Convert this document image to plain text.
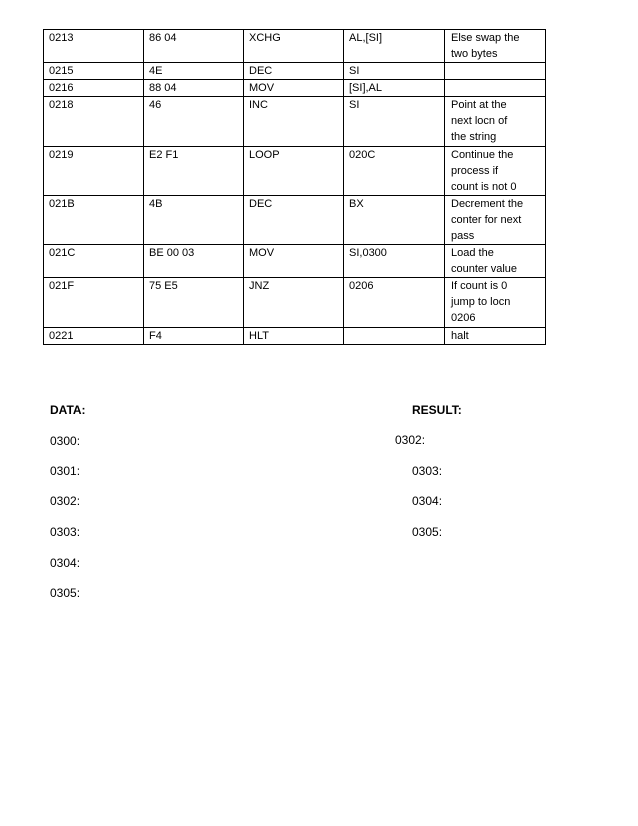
0213	86 04	XCHG	AL,[SI]	Else swap the
two bytes

0215	4E	DEC	SI	
0216	88 04	MOV	[SI],AL	
0218	46	INC	SI	Point at the
next locn of
the string

0219	E2 F1	LOOP	020C	Continue the
process if
count is not 0

021B	4B	DEC	BX	Decrement the
conter for next
pass

021C	BE 00 03	MOV	SI,0300	Load the
counter value

021F	75 E5	JNZ	0206	If count is 0
jump to locn
0206

0221	F4	HLT		halt
DATA:
0300:
0301:
0302:
0303:
0304:
0305:
RESULT:
0302:
0303:
0304:
0305:
